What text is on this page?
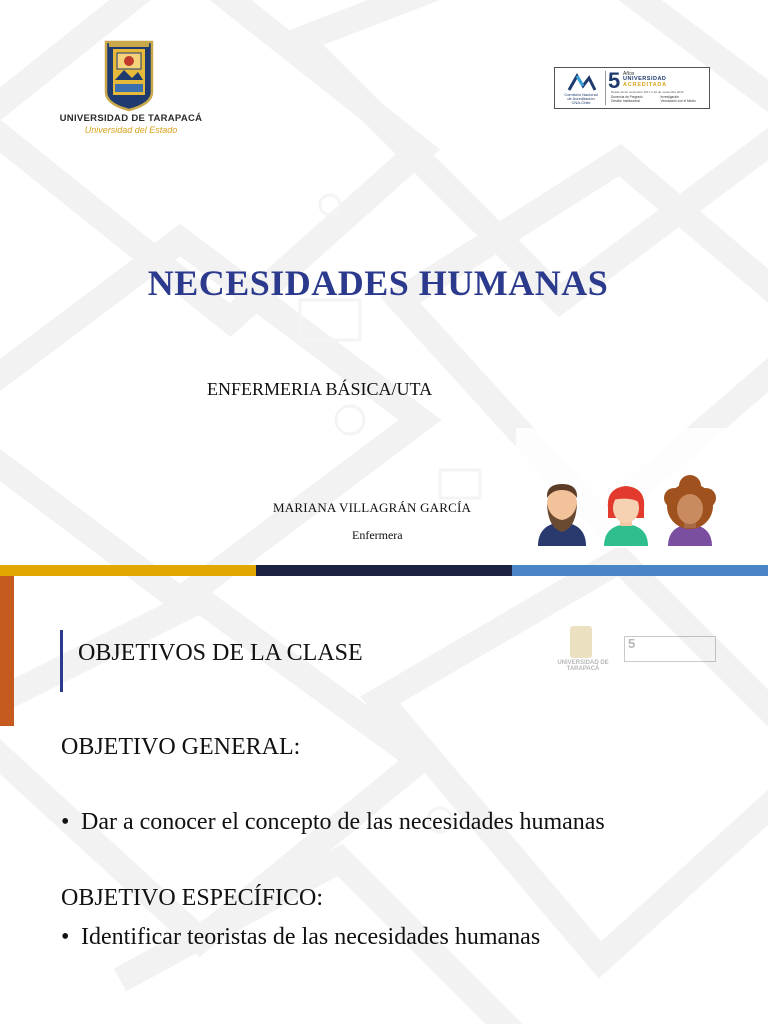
UNIVERSIDAD DE TARAPACÁ
Universidad del Estado
Comisión Nacional
de Acreditación
CNA-Chile
5 Años
UNIVERSIDAD
ACREDITADA
Desde 22 de noviembre 2017 a 22 de noviembre 2022
Docencia de Pregrado
Gestión Institucional
Investigación
Vinculación con el Medio
NECESIDADES HUMANAS
ENFERMERIA BÁSICA/UTA
MARIANA VILLAGRÁN GARCÍA
Enfermera
OBJETIVOS DE LA CLASE	UNIVERSIDAD DE TARAPACÁ
5
OBJETIVO GENERAL:
• Dar a conocer el concepto de las necesidades humanas
OBJETIVO ESPECÍFICO:
• Identificar teoristas de las necesidades humanas
